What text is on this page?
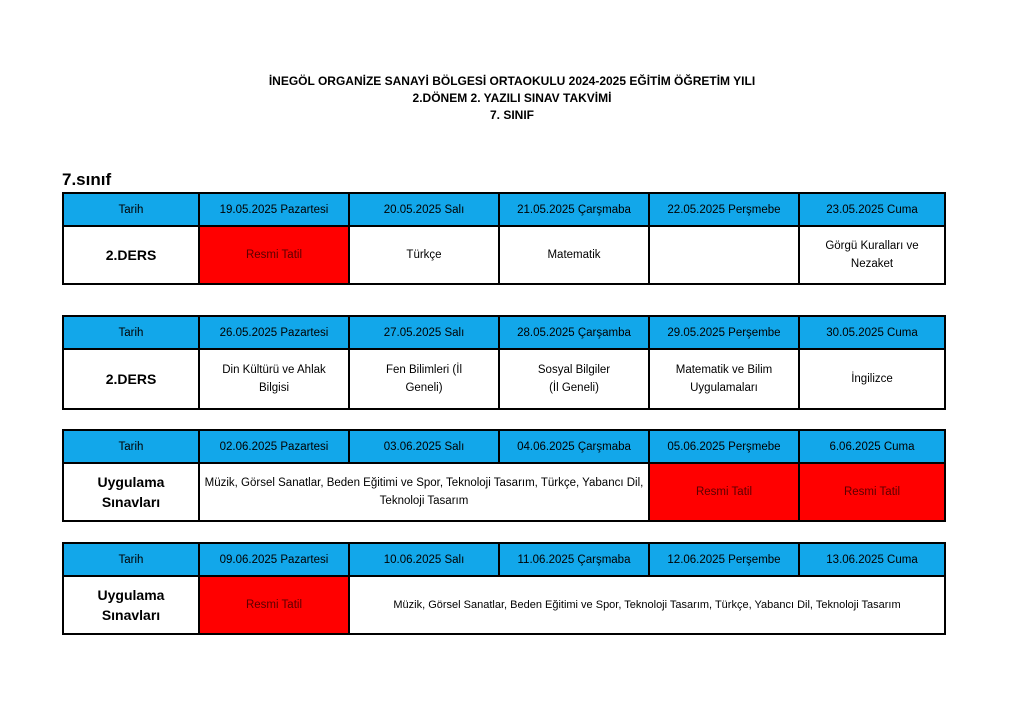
İNEGÖL ORGANİZE SANAYİ BÖLGESİ ORTAOKULU 2024-2025 EĞİTİM ÖĞRETİM YILI
2.DÖNEM 2. YAZILI SINAV TAKVİMİ
7. SINIF
7.sınıf
Tarih	19.05.2025 Pazartesi	20.05.2025 Salı	21.05.2025 Çarşmaba	22.05.2025 Perşmebe	23.05.2025 Cuma
2.DERS	Resmi Tatil	Türkçe	Matematik		Görgü Kuralları ve Nezaket
Tarih	26.05.2025 Pazartesi	27.05.2025 Salı	28.05.2025 Çarşamba	29.05.2025 Perşembe	30.05.2025 Cuma
2.DERS	Din Kültürü ve Ahlak Bilgisi	Fen Bilimleri (İl Geneli)	Sosyal Bilgiler (İl Geneli)	Matematik ve Bilim Uygulamaları	İngilizce
Tarih	02.06.2025 Pazartesi	03.06.2025 Salı	04.06.2025 Çarşmaba	05.06.2025 Perşmebe	6.06.2025 Cuma
Uygulama Sınavları	Müzik, Görsel Sanatlar, Beden Eğitimi ve Spor, Teknoloji Tasarım, Türkçe, Yabancı Dil, Teknoloji Tasarım			Resmi Tatil	Resmi Tatil
Tarih	09.06.2025 Pazartesi	10.06.2025 Salı	11.06.2025 Çarşmaba	12.06.2025 Perşembe	13.06.2025 Cuma
Uygulama Sınavları	Resmi Tatil	Müzik, Görsel Sanatlar, Beden Eğitimi ve Spor, Teknoloji Tasarım, Türkçe, Yabancı Dil, Teknoloji Tasarım			
